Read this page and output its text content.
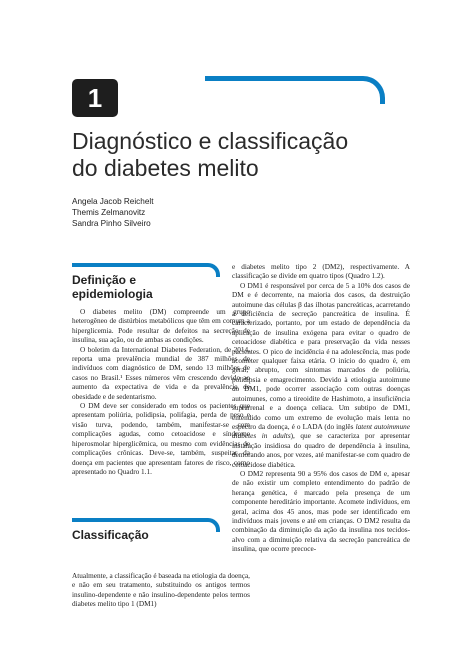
1
Diagnóstico e classificação
do diabetes melito
Angela Jacob Reichelt
Themis Zelmanovitz
Sandra Pinho Silveiro
Definição e
epidemiologia

O diabetes melito (DM) compreende um grupo heterogêneo de distúrbios metabólicos que têm em comum a hiperglicemia. Pode resultar de defeitos na secreção de insulina, sua ação, ou de ambas as condições.

O boletim da International Diabetes Federation, de 2014, reporta uma prevalência mundial de 387 milhões de indivíduos com diagnóstico de DM, sendo 13 milhões de casos no Brasil.¹ Esses números vêm crescendo devido ao aumento da expectativa de vida e da prevalência de obesidade e de sedentarismo.

O DM deve ser considerado em todos os pacientes que apresentam poliúria, polidipsia, polifagia, perda de peso e visão turva, podendo, também, manifestar-se com complicações agudas, como cetoacidose e síndrome hiperosmolar hiperglicêmica, ou mesmo com evidências de complicações crônicas. Deve-se, também, suspeitar da doença em pacientes que apresentam fatores de risco, como apresentado no Quadro 1.1.

Classificação

Atualmente, a classificação é baseada na etiologia da doença, e não em seu tratamento, substituindo os antigos termos insulino-dependente e não insulino-dependente pelos termos diabetes melito tipo 1 (DM1)

e diabetes melito tipo 2 (DM2), respectivamente. A classificação se divide em quatro tipos (Quadro 1.2).

O DM1 é responsável por cerca de 5 a 10% dos casos de DM e é decorrente, na maioria dos casos, da destruição autoimune das células β das ilhotas pancreáticas, acarretando a deficiência de secreção pancreática de insulina. É caracterizado, portanto, por um estado de dependência da aplicação de insulina exógena para evitar o quadro de cetoacidose diabética e para preservação da vida nesses pacientes. O pico de incidência é na adolescência, mas pode acometer qualquer faixa etária. O início do quadro é, em geral, abrupto, com sintomas marcados de poliúria, polidipsia e emagrecimento. Devido à etiologia autoimune do DM1, pode ocorrer associação com outras doenças autoimunes, como a tireoidite de Hashimoto, a insuficiência suprarrenal e a doença celíaca. Um subtipo de DM1, entendido como um extremo de evolução mais lenta no espectro da doença, é o LADA (do inglês latent autoimmune diabetes in adults), que se caracteriza por apresentar instalação insidiosa do quadro de dependência à insulina, demorando anos, por vezes, até manifestar-se com quadro de cetoacidose diabética.

O DM2 representa 90 a 95% dos casos de DM e, apesar de não existir um completo entendimento do padrão de herança genética, é marcado pela presença de um componente hereditário importante. Acomete indivíduos, em geral, acima dos 45 anos, mas pode ser identificado em indivíduos mais jovens e até em crianças. O DM2 resulta da combinação da diminuição da ação da insulina nos tecidos-alvo com a diminuição relativa da secreção pancreática de insulina, que ocorre precoce-
